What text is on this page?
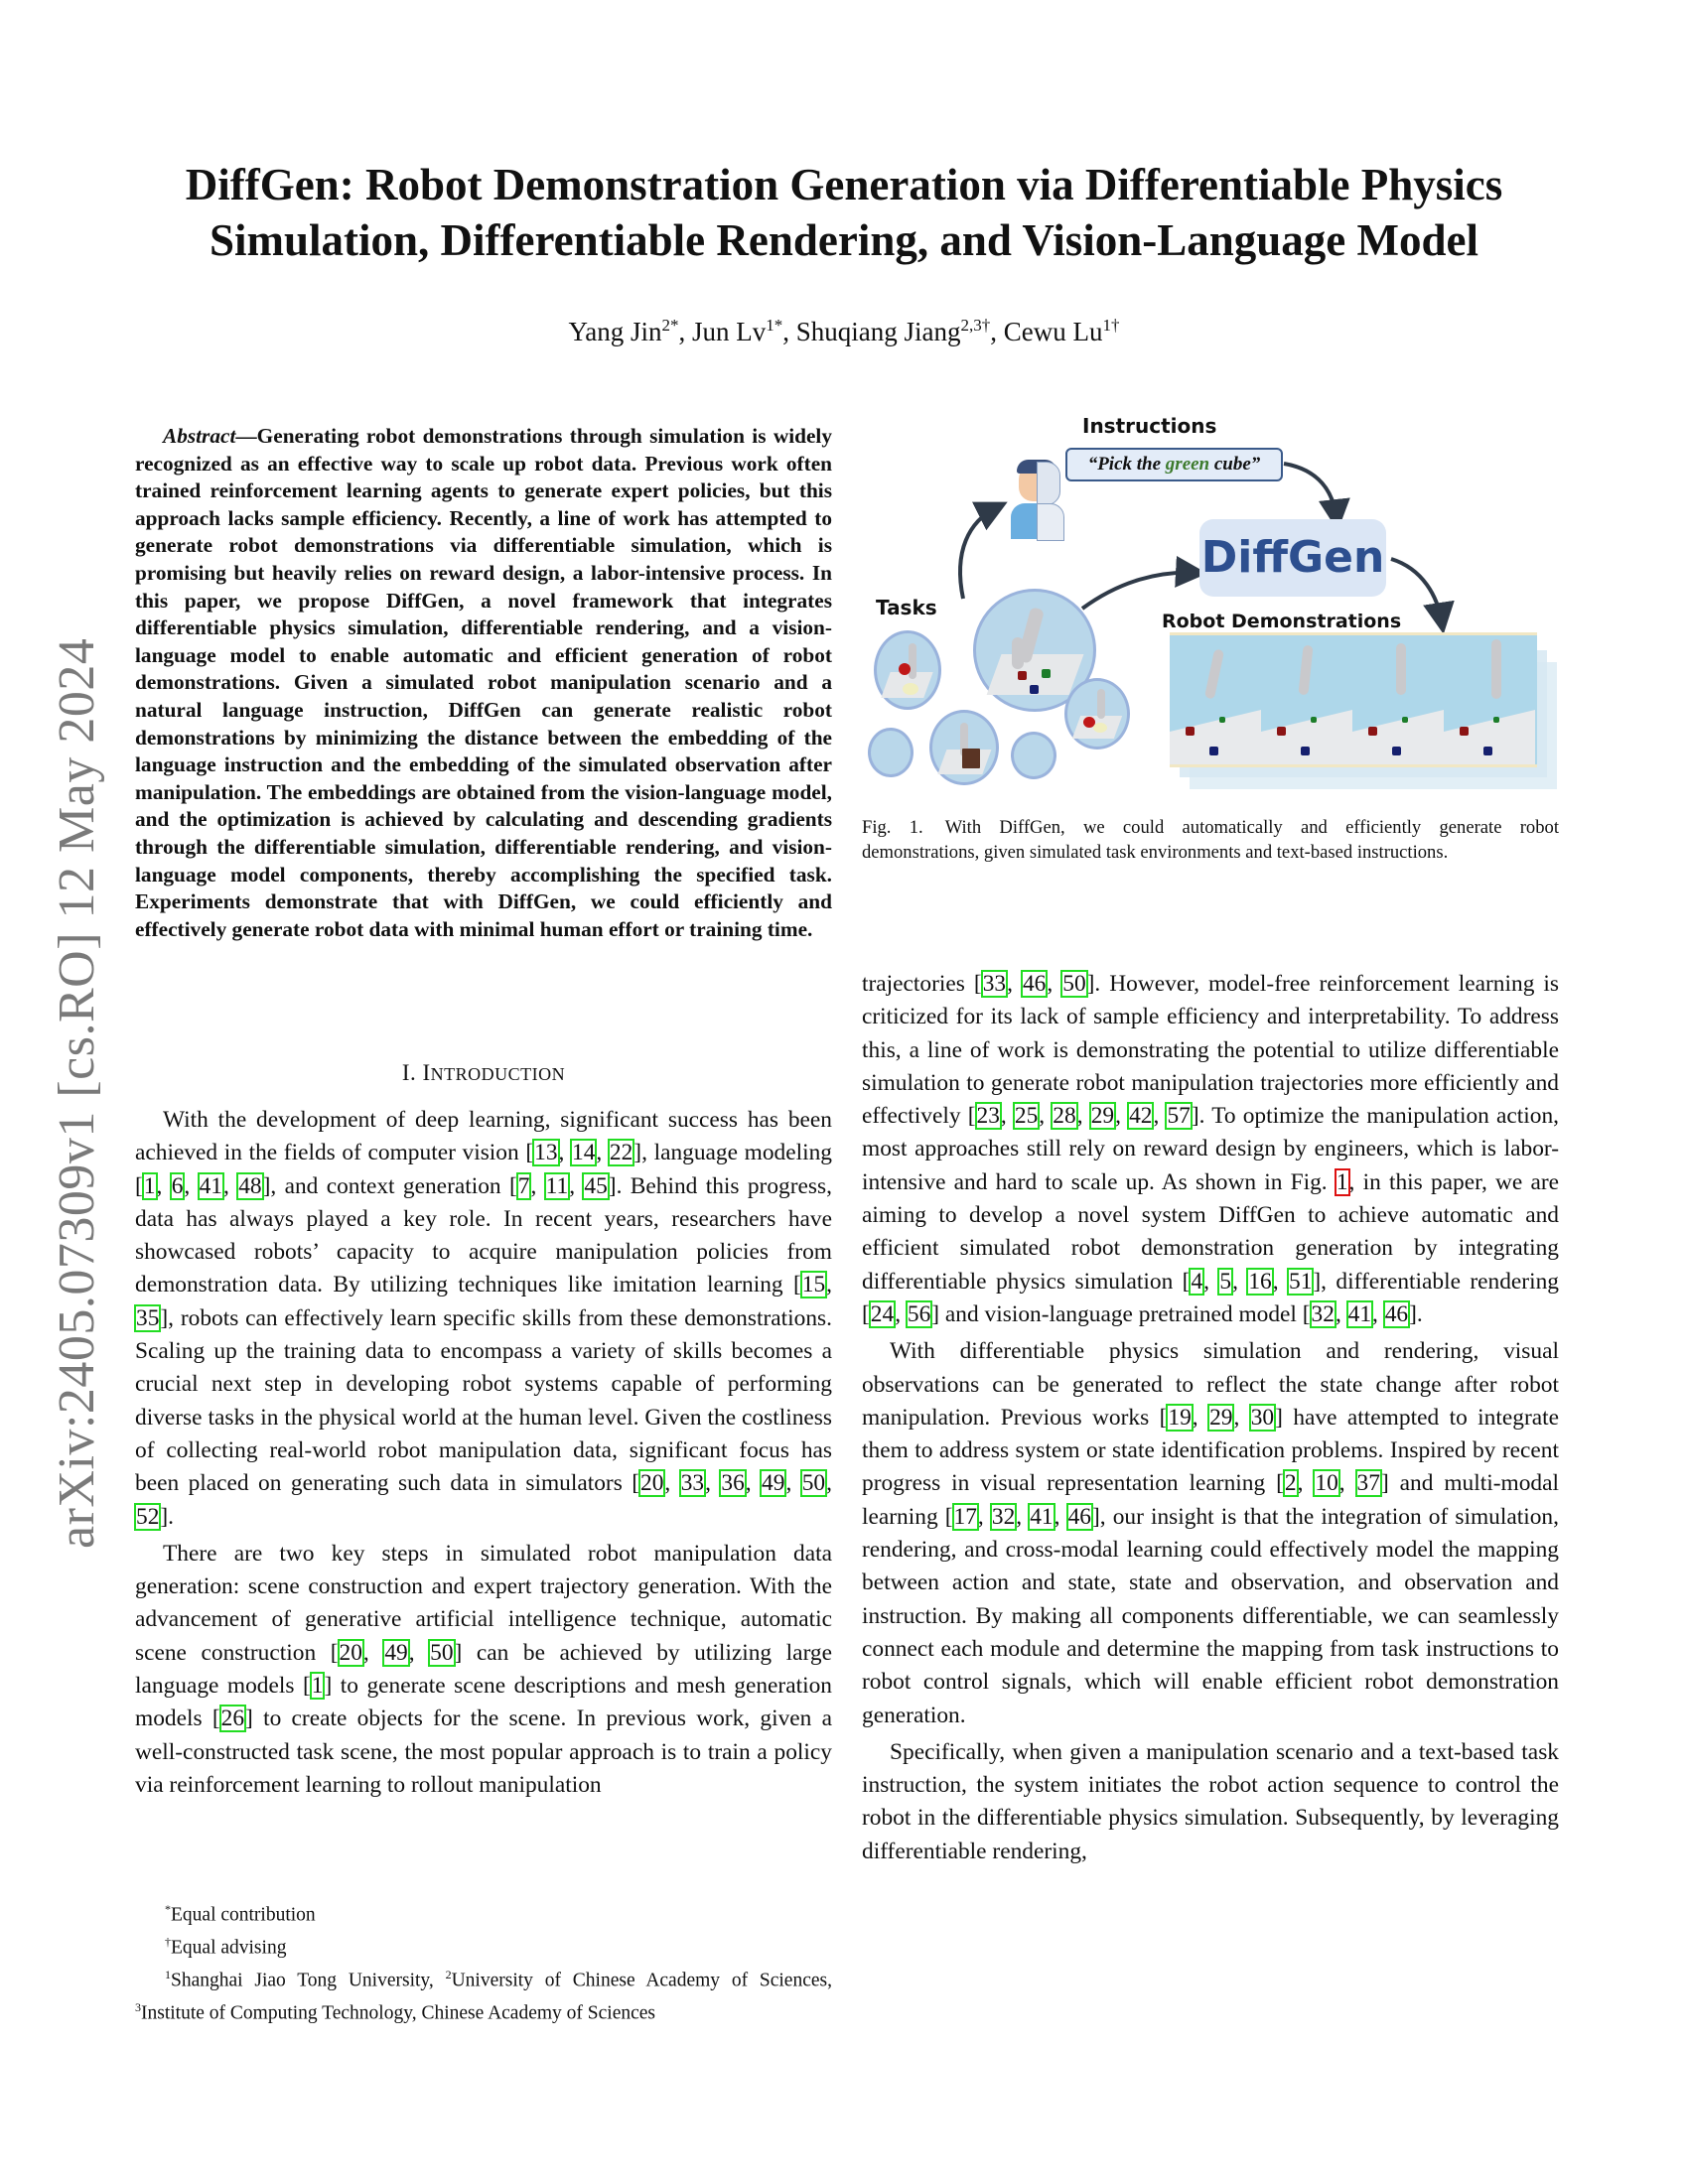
arXiv:2405.07309v1 [cs.RO] 12 May 2024
DiffGen: Robot Demonstration Generation via Differentiable Physics
Simulation, Differentiable Rendering, and Vision-Language Model
Yang Jin$^{2*}$, Jun $Lv^{1*}$, Shuqiang Jiang$^{2,3\dagger}$, Cewu $Lu^{1\dagger}$
Abstract—Generating robot demonstrations through simulation is widely recognized as an effective way to scale up robot data. Previous work often trained reinforcement learning agents to generate expert policies, but this approach lacks sample efficiency. Recently, a line of work has attempted to generate robot demonstrations via differentiable simulation, which is promising but heavily relies on reward design, a labor-intensive process. In this paper, we propose DiffGen, a novel framework that integrates differentiable physics simulation, differentiable rendering, and a vision-language model to enable automatic and efficient generation of robot demonstrations. Given a simulated robot manipulation scenario and a natural language instruction, DiffGen can generate realistic robot demonstrations by minimizing the distance between the embedding of the language instruction and the embedding of the simulated observation after manipulation. The embeddings are obtained from the vision-language model, and the optimization is achieved by calculating and descending gradients through the differentiable simulation, differentiable rendering, and vision-language model components, thereby accomplishing the specified task. Experiments demonstrate that with DiffGen, we could efficiently and effectively generate robot data with minimal human effort or training time.
I. INTRODUCTION

With the development of deep learning, significant success has been achieved in the fields of computer vision [13, 14, 22], language modeling [1, 6, 41, 48], and context generation [7, 11, 45]. Behind this progress, data has always played a key role. In recent years, researchers have showcased robots’ capacity to acquire manipulation policies from demonstration data. By utilizing techniques like imitation learning [15, 35], robots can effectively learn specific skills from these demonstrations. Scaling up the training data to encompass a variety of skills becomes a crucial next step in developing robot systems capable of performing diverse tasks in the physical world at the human level. Given the costliness of collecting real-world robot manipulation data, significant focus has been placed on generating such data in simulators [20, 33, 36, 49, 50, 52].

There are two key steps in simulated robot manipulation data generation: scene construction and expert trajectory generation. With the advancement of generative artificial intelligence technique, automatic scene construction [20, 49, 50] can be achieved by utilizing large language models [1] to generate scene descriptions and mesh generation models [26] to create objects for the scene. In previous work, given a well-constructed task scene, the most popular approach is to train a policy via reinforcement learning to rollout manipulation

*Equal contribution
†Equal advising
$^1$Shanghai Jiao Tong University, $^2$University of Chinese Academy of Sciences, $^3$Institute of Computing Technology, Chinese Academy of Sciences
Instructions
“Pick the green cube”
DiffGen
Tasks
Robot Demonstrations
Fig. 1. With DiffGen, we could automatically and efficiently generate robot demonstrations, given simulated task environments and text-based instructions.

trajectories [33, 46, 50]. However, model-free reinforcement learning is criticized for its lack of sample efficiency and interpretability. To address this, a line of work is demonstrating the potential to utilize differentiable simulation to generate robot manipulation trajectories more efficiently and effectively [23, 25, 28, 29, 42, 57]. To optimize the manipulation action, most approaches still rely on reward design by engineers, which is labor-intensive and hard to scale up. As shown in Fig. 1, in this paper, we are aiming to develop a novel system DiffGen to achieve automatic and efficient simulated robot demonstration generation by integrating differentiable physics simulation [4, 5, 16, 51], differentiable rendering [24, 56] and vision-language pretrained model [32, 41, 46].

With differentiable physics simulation and rendering, visual observations can be generated to reflect the state change after robot manipulation. Previous works [19, 29, 30] have attempted to integrate them to address system or state identification problems. Inspired by recent progress in visual representation learning [2, 10, 37] and multi-modal learning [17, 32, 41, 46], our insight is that the integration of simulation, rendering, and cross-modal learning could effectively model the mapping between action and state, state and observation, and observation and instruction. By making all components differentiable, we can seamlessly connect each module and determine the mapping from task instructions to robot control signals, which will enable efficient robot demonstration generation.

Specifically, when given a manipulation scenario and a text-based task instruction, the system initiates the robot action sequence to control the robot in the differentiable physics simulation. Subsequently, by leveraging differentiable rendering,
